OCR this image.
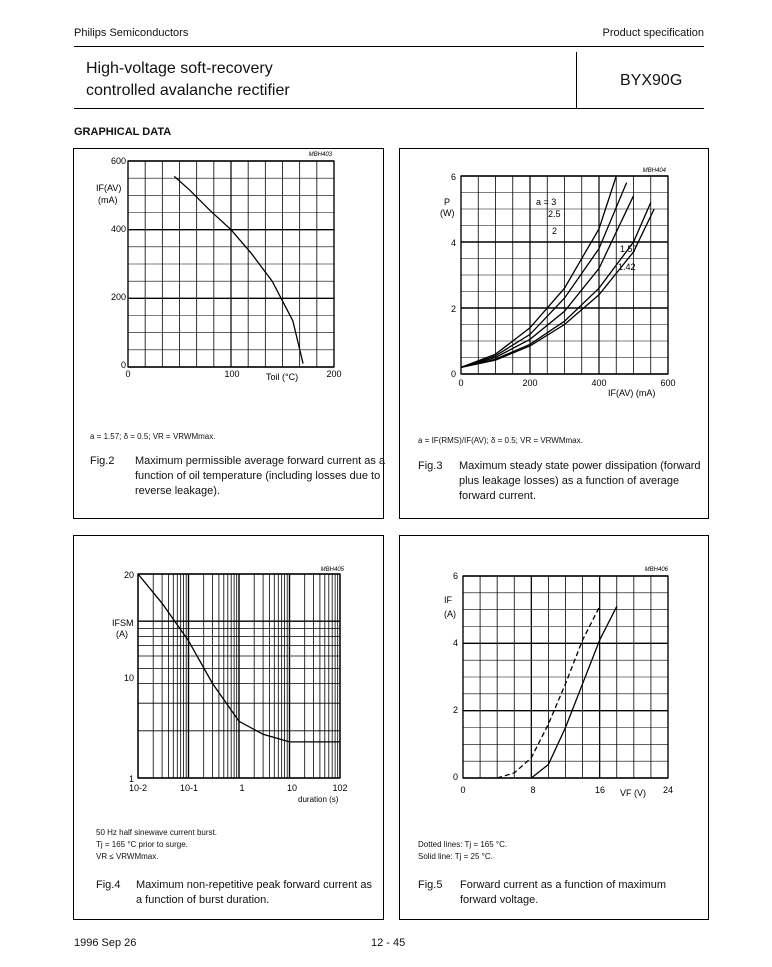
Philips Semiconductors	Product specification
High-voltage soft-recovery
controlled avalanche rectifier
BYX90G
GRAPHICAL DATA
600
400
200
0
0	100	200
IF(AV)
(mA)
Toil (°C)
MBH403
a = 1.57; δ = 0.5; VR = VRWMmax.
Fig.2 Maximum permissible average forward current as a function of oil temperature (including losses due to reverse leakage).
6
4
2
0
0	200	400	600
P
(W)
IF(AV) (mA)
MBH404
a = 3
2.5
2
1.57
1.42
a = IF(RMS)/IF(AV); δ = 0.5; VR = VRWMmax.
Fig.3 Maximum steady state power dissipation (forward plus leakage losses) as a function of average forward current.
20
10
1
10-2	10-1	1	10	102
IFSM
(A)
duration (s)
MBH405
50 Hz half sinewave current burst.
Tj = 165 °C prior to surge.
VR ≤ VRWMmax.
Fig.4 Maximum non-repetitive peak forward current as a function of burst duration.
6
4
2
0
0	8	16	24
IF
(A)
VF (V)
MBH406
Dotted lines: Tj = 165 °C.
Solid line: Tj = 25 °C.
Fig.5 Forward current as a function of maximum forward voltage.
1996 Sep 26	12 - 45
